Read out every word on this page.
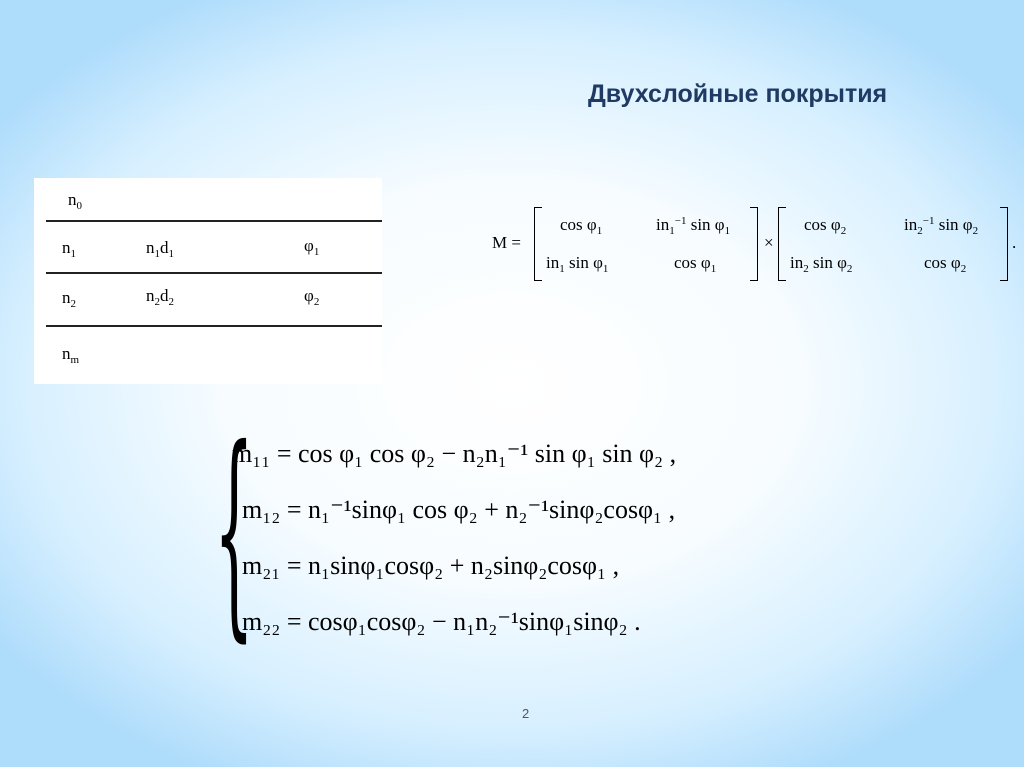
Двухслойные покрытия
$n_0$
$n_1$	$n_1d_1$	$\varphi_1$
$n_2$	$n_2d_2$	$\varphi_2$
$n_m$
M =
$\cos \varphi_1$	$in_1^{-1}$ $\sin \varphi_1$
$in_1$ $\sin \varphi_1$	$\cos \varphi_1$
×
$\cos \varphi_2$	$in_2^{-1}$ $\sin \varphi_2$
$in_2$ $\sin \varphi_2$	$\cos \varphi_2$
.
{
m₁₁ = cos φ₁ cos φ₂ − n₂n₁⁻¹ sin φ₁ sin φ₂ ,
m₁₂ = n₁⁻¹sinφ₁ cos φ₂ + n₂⁻¹sinφ₂cosφ₁ ,
m₂₁ = n₁sinφ₁cosφ₂ + n₂sinφ₂cosφ₁ ,
m₂₂ = cosφ₁cosφ₂ − n₁n₂⁻¹sinφ₁sinφ₂ .
2
